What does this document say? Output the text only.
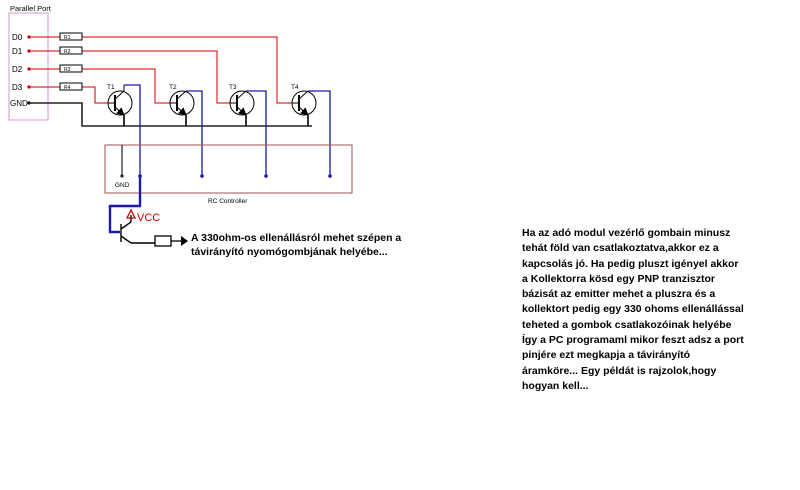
Parallel Port
D0
D1
D2
D3
GND
R1
R2
R3
R4	T1	T2	T3	T4
RC Controller
GND
VCC
A 330ohm-os ellenállásról mehet szépen a
távirányító nyomógombjának helyébe...
Ha az adó modul vezérlő gombain minusz
tehát föld van csatlakoztatva,akkor ez a
kapcsolás jó. Ha pedig pluszt igényel akkor
a Kollektorra kösd egy PNP tranzisztor
bázisát az emitter mehet a pluszra és a
kollektort pedig egy 330 ohoms ellenállással
teheted a gombok csatlakozóinak helyébe
Így a PC programaml mikor feszt adsz a port
pinjére ezt megkapja a távirányító
áramköre... Egy példát is rajzolok,hogy
hogyan kell...
